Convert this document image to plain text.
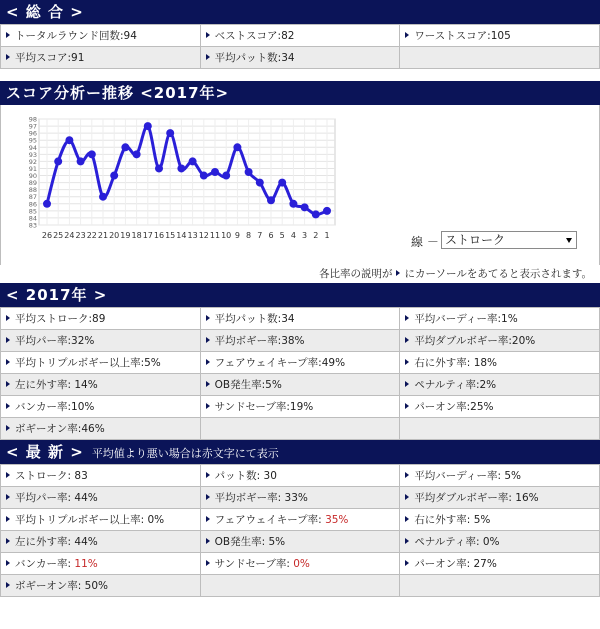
< 総 合 >
トータルラウンド回数:94	ベストスコア:82	ワーストスコア:105
平均スコア:91	平均パット数:34	
スコア分析ー推移 <2017年>
98
97
96
95
94
93
92
91
90
89
88
87
86
85
84
83
26 25 24 23 22 21 20 19 18 17 16 15 14 13 12 11 10 9 8 7 6 5 4 3 2 1	線 － ストローク
各比率の説明が にカーソールをあてると表示されます。
< 2017年 >
平均ストローク:89	平均パット数:34	平均バーディー率:1%
平均パー率:32%	平均ボギー率:38%	平均ダブルボギー率:20%
平均トリプルボギー以上率:5%	フェアウェイキープ率:49%	右に外す率: 18%
左に外す率: 14%	OB発生率:5%	ペナルティ率:2%
バンカー率:10%	サンドセーブ率:19%	パーオン率:25%
ボギーオン率:46%		
< 最 新 > 平均値より悪い場合は赤文字にて表示
ストローク: 83	パット数: 30	平均バーディー率: 5%
平均パー率: 44%	平均ボギー率: 33%	平均ダブルボギー率: 16%
平均トリプルボギー以上率: 0%	フェアウェイキープ率: 35%	右に外す率: 5%
左に外す率: 44%	OB発生率: 5%	ペナルティ率: 0%
バンカー率: 11%	サンドセーブ率: 0%	パーオン率: 27%
ボギーオン率: 50%		
